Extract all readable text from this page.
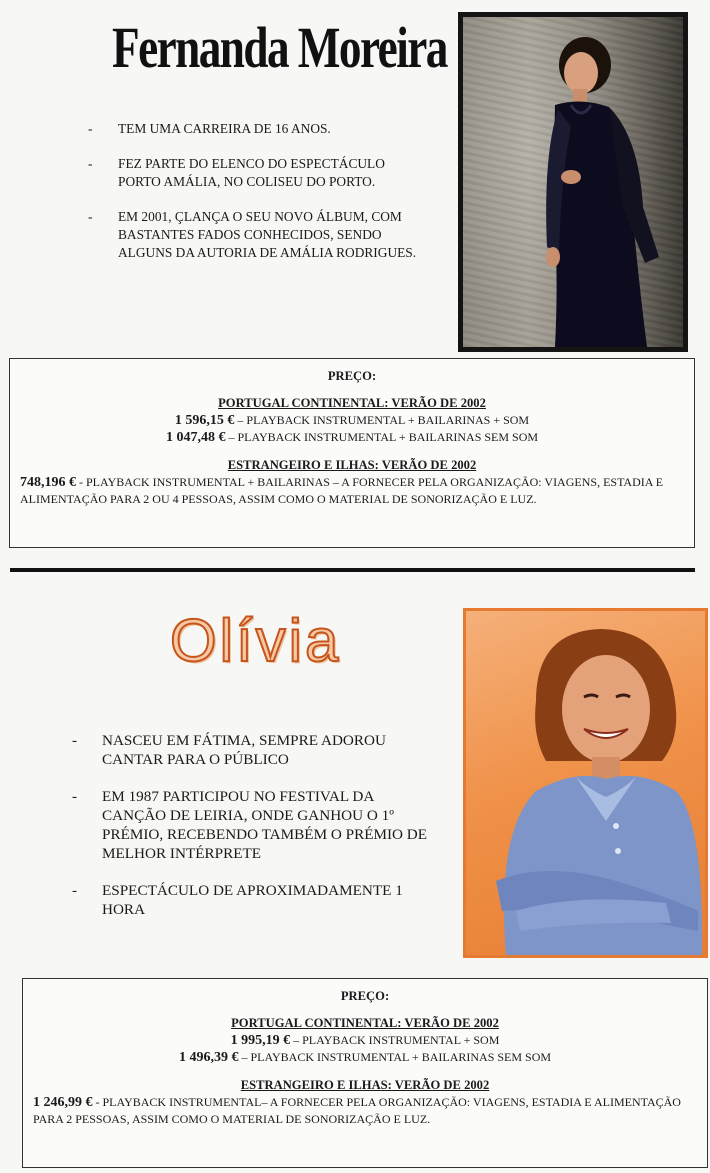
Fernanda Moreira
- TEM UMA CARREIRA DE 16 ANOS.
- FEZ PARTE DO ELENCO DO ESPECTÁCULO PORTO AMÁLIA, NO COLISEU DO PORTO.
- EM 2001, ÇLANÇA O SEU NOVO ÁLBUM, COM BASTANTES FADOS CONHECIDOS, SENDO ALGUNS DA AUTORIA DE AMÁLIA RODRIGUES.
PREÇO:
PORTUGAL CONTINENTAL: VERÃO DE 2002
1 596,15 € – PLAYBACK INSTRUMENTAL + BAILARINAS + SOM
1 047,48 € – PLAYBACK INSTRUMENTAL + BAILARINAS SEM SOM
ESTRANGEIRO E ILHAS: VERÃO DE 2002
748,196 € - PLAYBACK INSTRUMENTAL + BAILARINAS – A FORNECER PELA ORGANIZAÇÃO: VIAGENS, ESTADIA E ALIMENTAÇÃO PARA 2 OU 4 PESSOAS, ASSIM COMO O MATERIAL DE SONORIZAÇÃO E LUZ.
Olívia
- NASCEU EM FÁTIMA, SEMPRE ADOROU CANTAR PARA O PÚBLICO
- EM 1987 PARTICIPOU NO FESTIVAL DA CANÇÃO DE LEIRIA, ONDE GANHOU O 1º PRÉMIO, RECEBENDO TAMBÉM O PRÉMIO DE MELHOR INTÉRPRETE
- ESPECTÁCULO DE APROXIMADAMENTE 1 HORA
PREÇO:
PORTUGAL CONTINENTAL: VERÃO DE 2002
1 995,19 € – PLAYBACK INSTRUMENTAL + SOM
1 496,39 € – PLAYBACK INSTRUMENTAL + BAILARINAS SEM SOM
ESTRANGEIRO E ILHAS: VERÃO DE 2002
1 246,99 € - PLAYBACK INSTRUMENTAL– A FORNECER PELA ORGANIZAÇÃO: VIAGENS, ESTADIA E ALIMENTAÇÃO PARA 2 PESSOAS, ASSIM COMO O MATERIAL DE SONORIZAÇÃO E LUZ.
